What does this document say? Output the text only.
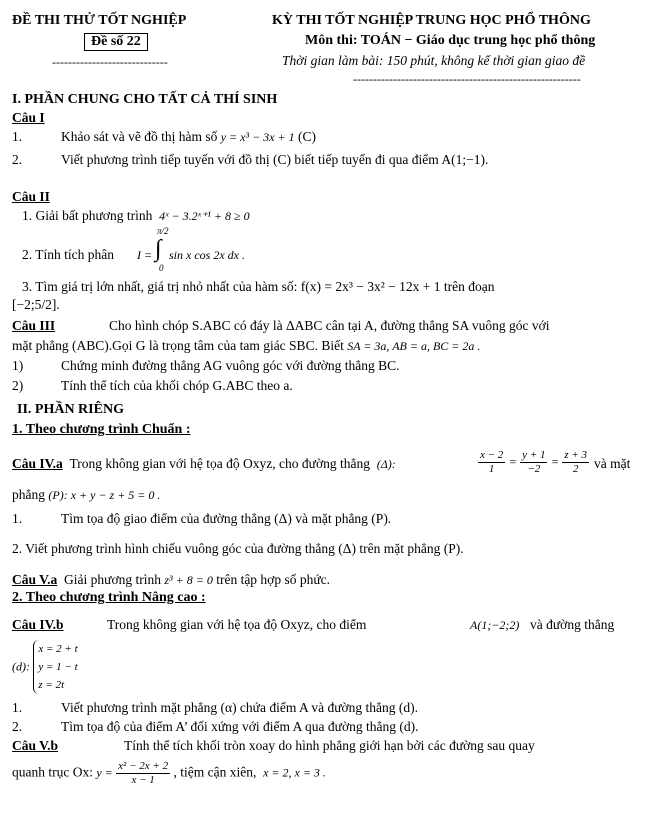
ĐỀ THI THỬ TỐT NGHIỆP
Đề số 22
-----------------------------
KỲ THI TỐT NGHIỆP TRUNG HỌC PHỔ THÔNG
Môn thi: TOÁN − Giáo dục trung học phổ thông
Thời gian làm bài: 150 phút, không kể thời gian giao đề
---------------------------------------------------------
I. PHẦN CHUNG CHO TẤT CẢ THÍ SINH
Câu I
1.	Khảo sát và vẽ đồ thị hàm số y = x³ − 3x + 1 (C)
2.	Viết phương trình tiếp tuyến với đồ thị (C) biết tiếp tuyến đi qua điểm A(1;−1).
Câu II
1. Giải bất phương trình 4ˣ − 3.2ˣ⁺¹ + 8 ≥ 0
2. Tính tích phân I = ∫
π/2
0
sin x cos 2x dx .
3. Tìm giá trị lớn nhất, giá trị nhỏ nhất của hàm số: f(x) = 2x³ − 3x² − 12x + 1 trên đoạn
[−2;5/2].
Câu III	Cho hình chóp S.ABC có đáy là ΔABC cân tại A, đường thẳng SA vuông góc với
mặt phẳng (ABC).Gọi G là trọng tâm của tam giác SBC. Biết SA = 3a, AB = a, BC = 2a .
1)	Chứng minh đường thẳng AG vuông góc với đường thẳng BC.
2)	Tính thể tích của khối chóp G.ABC theo a.
II. PHẦN RIÊNG
1. Theo chương trình Chuẩn :
Câu IV.a Trong không gian với hệ tọa độ Oxyz, cho đường thẳng (Δ):	$\frac{x - 2}{1} = \frac{y + 1}{-2} = \frac{z + 3}{2}$ và mặt
phẳng (P): x + y − z + 5 = 0 .
1.	Tìm tọa độ giao điểm của đường thẳng (Δ) và mặt phẳng (P).
2. Viết phương trình hình chiếu vuông góc của đường thẳng (Δ) trên mặt phẳng (P).
Câu V.a Giải phương trình z³ + 8 = 0 trên tập hợp số phức.
2. Theo chương trình Nâng cao :
Câu IV.b	Trong không gian với hệ tọa độ Oxyz, cho điểm	A(1;−2;2) và đường thẳng
(d):
x = 2 + t
y = 1 − t
z = 2t
1.	Viết phương trình mặt phẳng (α) chứa điểm A và đường thẳng (d).
2.	Tìm tọa độ của điểm A’ đối xứng với điểm A qua đường thẳng (d).
Câu V.b	Tính thể tích khối tròn xoay do hình phẳng giới hạn bởi các đường sau quay
quanh trục Ox: $y = \frac{\text{x² − 2x + 2}}{x - 1}$ , tiệm cận xiên, x = 2, x = 3 .
